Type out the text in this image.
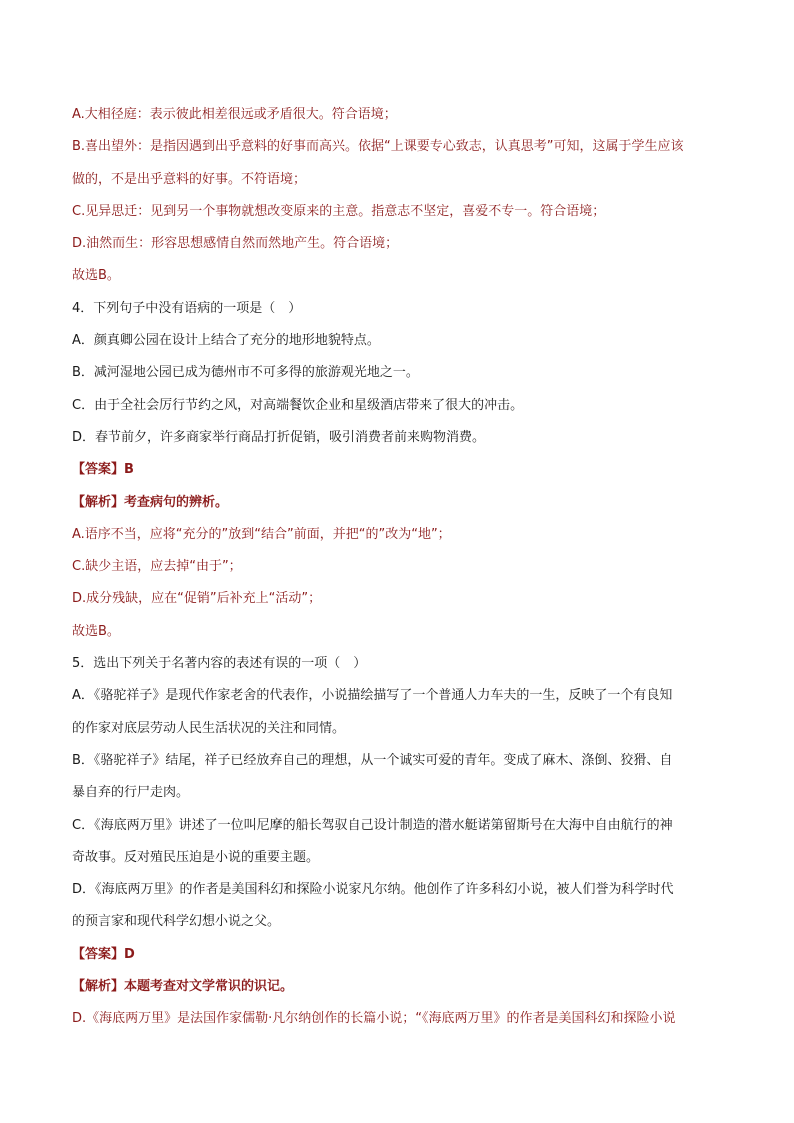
A.大相径庭：表示彼此相差很远或矛盾很大。符合语境；
B.喜出望外：是指因遇到出乎意料的好事而高兴。依据“上课要专心致志，认真思考”可知，这属于学生应该
做的，不是出乎意料的好事。不符语境；
C.见异思迁：见到另一个事物就想改变原来的主意。指意志不坚定，喜爱不专一。符合语境；
D.油然而生：形容思想感情自然而然地产生。符合语境；
故选B。
4．下列句子中没有语病的一项是（　）
A．颜真卿公园在设计上结合了充分的地形地貌特点。
B．减河湿地公园已成为德州市不可多得的旅游观光地之一。
C．由于全社会厉行节约之风，对高端餐饮企业和星级酒店带来了很大的冲击。
D．春节前夕，许多商家举行商品打折促销，吸引消费者前来购物消费。
【答案】B
【解析】考查病句的辨析。
A.语序不当，应将“充分的”放到“结合”前面，并把“的”改为“地”；
C.缺少主语，应去掉“由于”；
D.成分残缺，应在“促销”后补充上“活动”；
故选B。
5．选出下列关于名著内容的表述有误的一项（　）
A．《骆驼祥子》是现代作家老舍的代表作，小说描绘描写了一个普通人力车夫的一生，反映了一个有良知
的作家对底层劳动人民生活状况的关注和同情。
B．《骆驼祥子》结尾，祥子已经放弃自己的理想，从一个诚实可爱的青年。变成了麻木、涤倒、狡猾、自
暴自弃的行尸走肉。
C．《海底两万里》讲述了一位叫尼摩的船长驾驭自己设计制造的潜水艇诺第留斯号在大海中自由航行的神
奇故事。反对殖民压迫是小说的重要主题。
D．《海底两万里》的作者是美国科幻和探险小说家凡尔纳。他创作了许多科幻小说，被人们誉为科学时代
的预言家和现代科学幻想小说之父。
【答案】D
【解析】本题考查对文学常识的识记。
D.《海底两万里》是法国作家儒勒·凡尔纳创作的长篇小说；“《海底两万里》的作者是美国科幻和探险小说
